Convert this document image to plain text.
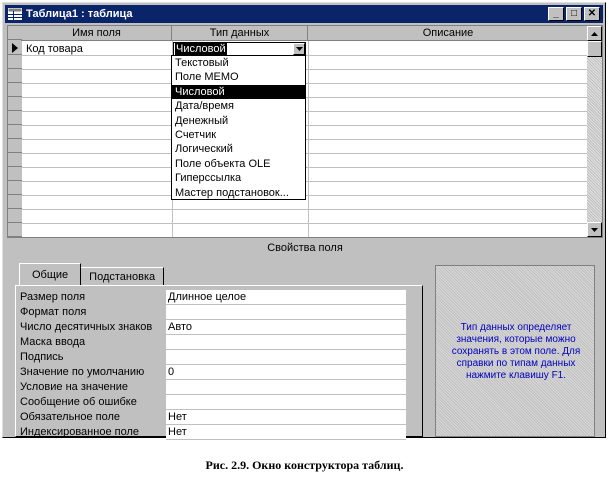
Таблица1 : таблица	_ □ ✕
Имя поля	Тип данных	Описание
Код товара	Числовой
Текстовый
Поле MEMO
Числовой
Дата/время
Денежный
Счетчик
Логический
Поле объекта OLE
Гиперссылка
Мастер подстановок...
Свойства поля
Общие	Подстановка
Размер поля	Длинное целое
Формат поля
Число десятичных знаков	Авто
Маска ввода
Подпись
Значение по умолчанию	0
Условие на значение
Сообщение об ошибке
Обязательное поле	Нет
Индексированное поле	Нет
Тип данных определяет значения, которые можно сохранять в этом поле. Для справки по типам данных нажмите клавишу F1.
Рис. 2.9. Окно конструктора таблиц.
